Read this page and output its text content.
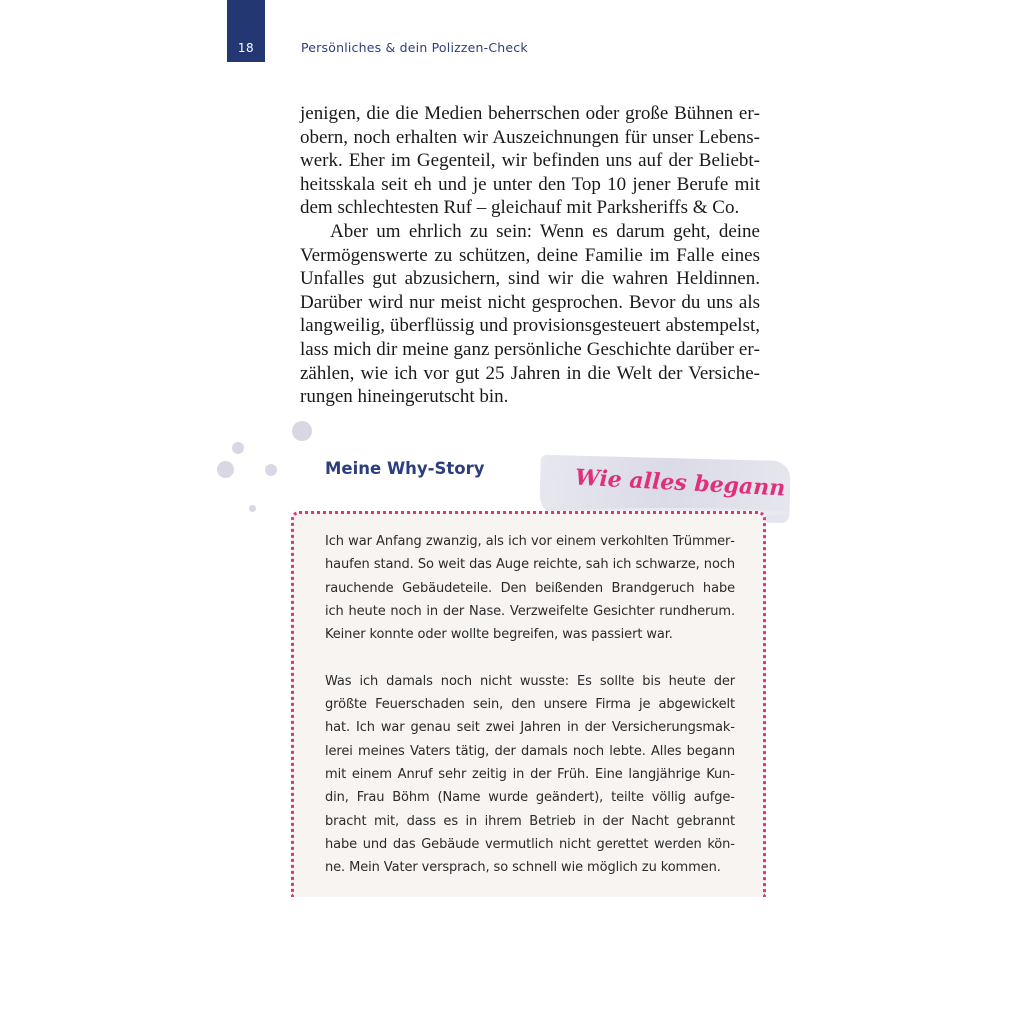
18	Persönliches & dein Polizzen-Check

jenigen, die die Medien beherrschen oder große Bühnen erobern, noch erhalten wir Auszeichnungen für unser Lebenswerk. Eher im Gegenteil, wir befinden uns auf der Beliebtheitsskala seit eh und je unter den Top 10 jener Berufe mit dem schlechtesten Ruf – gleichauf mit Parksheriffs & Co.

Aber um ehrlich zu sein: Wenn es darum geht, deine Vermögenswerte zu schützen, deine Familie im Falle eines Unfalles gut abzusichern, sind wir die wahren Heldinnen. Darüber wird nur meist nicht gesprochen. Bevor du uns als langweilig, überflüssig und provisionsgesteuert abstempelst, lass mich dir meine ganz persönliche Geschichte darüber erzählen, wie ich vor gut 25 Jahren in die Welt der Versicherungen hineingerutscht bin.

Meine Why-Story	Wie alles begann

Ich war Anfang zwanzig, als ich vor einem verkohlten Trümmerhaufen stand. So weit das Auge reichte, sah ich schwarze, noch rauchende Gebäudeteile. Den beißenden Brandgeruch habe ich heute noch in der Nase. Verzweifelte Gesichter rundherum. Keiner konnte oder wollte begreifen, was passiert war.

Was ich damals noch nicht wusste: Es sollte bis heute der größte Feuerschaden sein, den unsere Firma je abgewickelt hat. Ich war genau seit zwei Jahren in der Versicherungsmaklerei meines Vaters tätig, der damals noch lebte. Alles begann mit einem Anruf sehr zeitig in der Früh. Eine langjährige Kundin, Frau Böhm (Name wurde geändert), teilte völlig aufgebracht mit, dass es in ihrem Betrieb in der Nacht gebrannt habe und das Gebäude vermutlich nicht gerettet werden könne. Mein Vater versprach, so schnell wie möglich zu kommen.
